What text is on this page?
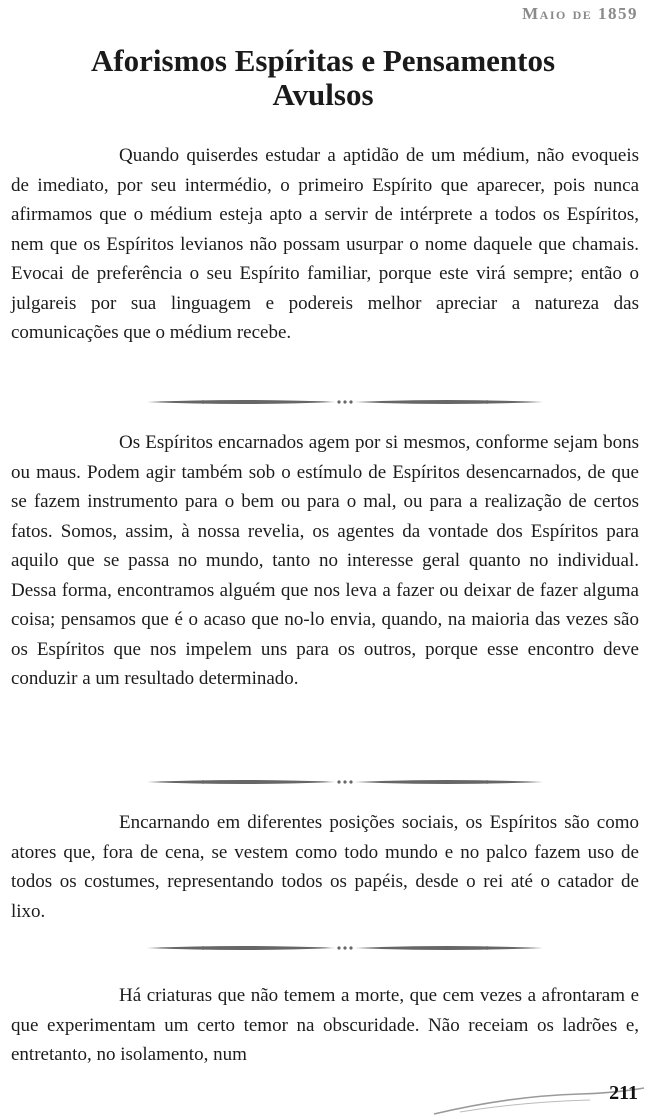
Maio de 1859
Aforismos Espíritas e Pensamentos
Avulsos

Quando quiserdes estudar a aptidão de um médium, não evoqueis de imediato, por seu intermédio, o primeiro Espírito que aparecer, pois nunca afirmamos que o médium esteja apto a servir de intérprete a todos os Espíritos, nem que os Espíritos levianos não possam usurpar o nome daquele que chamais. Evocai de preferência o seu Espírito familiar, porque este virá sempre; então o julgareis por sua linguagem e podereis melhor apreciar a natureza das comunicações que o médium recebe.

Os Espíritos encarnados agem por si mesmos, conforme sejam bons ou maus. Podem agir também sob o estímulo de Espíritos desencarnados, de que se fazem instrumento para o bem ou para o mal, ou para a realização de certos fatos. Somos, assim, à nossa revelia, os agentes da vontade dos Espíritos para aquilo que se passa no mundo, tanto no interesse geral quanto no individual. Dessa forma, encontramos alguém que nos leva a fazer ou deixar de fazer alguma coisa; pensamos que é o acaso que no-lo envia, quando, na maioria das vezes são os Espíritos que nos impelem uns para os outros, porque esse encontro deve conduzir a um resultado determinado.

Encarnando em diferentes posições sociais, os Espíritos são como atores que, fora de cena, se vestem como todo mundo e no palco fazem uso de todos os costumes, representando todos os papéis, desde o rei até o catador de lixo.

Há criaturas que não temem a morte, que cem vezes a afrontaram e que experimentam um certo temor na obscuridade. Não receiam os ladrões e, entretanto, no isolamento, num

211
